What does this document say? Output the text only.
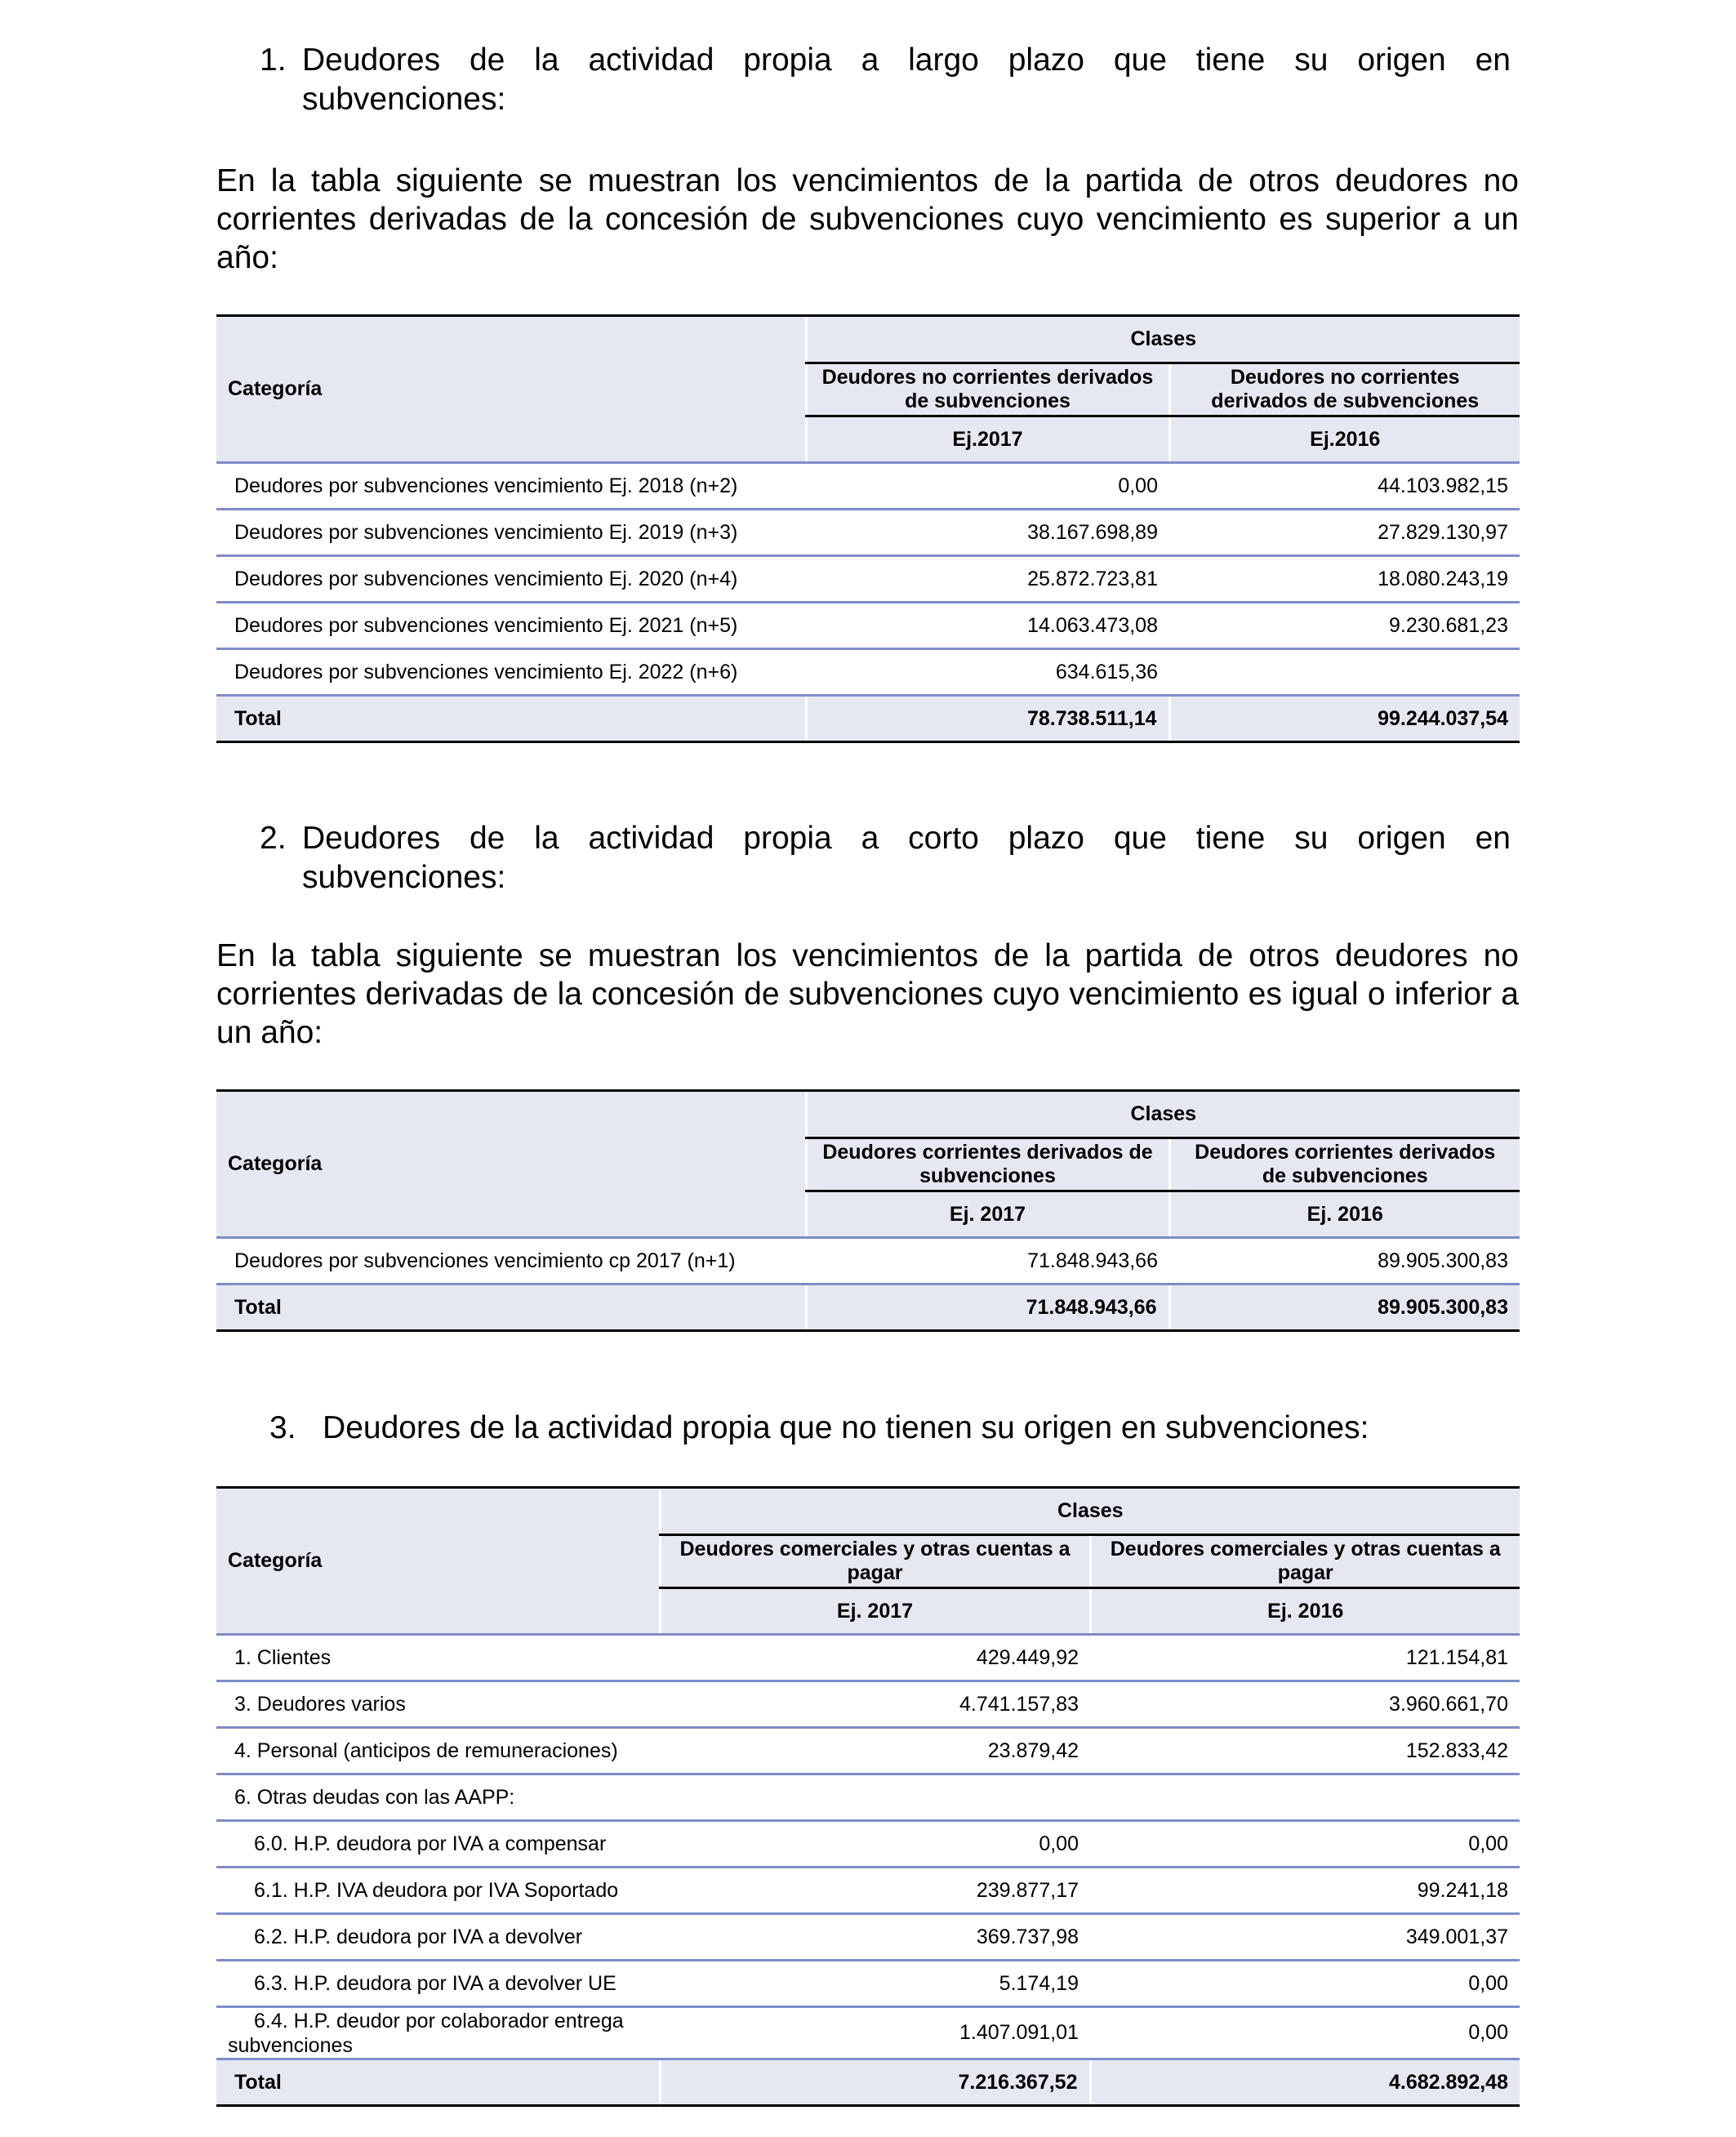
1. Deudores de la actividad propia a largo plazo que tiene su origen en
subvenciones:
En la tabla siguiente se muestran los vencimientos de la partida de otros deudores no corrientes derivadas de la concesión de subvenciones cuyo vencimiento es superior a un año:
Categoría	Clases	
	Deudores no corrientes derivados de subvenciones	Deudores no corrientes derivados de subvenciones
	Ej.2017	Ej.2016
Deudores por subvenciones vencimiento Ej. 2018 (n+2)	0,00	44.103.982,15
Deudores por subvenciones vencimiento Ej. 2019 (n+3)	38.167.698,89	27.829.130,97
Deudores por subvenciones vencimiento Ej. 2020 (n+4)	25.872.723,81	18.080.243,19
Deudores por subvenciones vencimiento Ej. 2021 (n+5)	14.063.473,08	9.230.681,23
Deudores por subvenciones vencimiento Ej. 2022 (n+6)	634.615,36	
Total	78.738.511,14	99.244.037,54
2. Deudores de la actividad propia a corto plazo que tiene su origen en
subvenciones:
En la tabla siguiente se muestran los vencimientos de la partida de otros deudores no corrientes derivadas de la concesión de subvenciones cuyo vencimiento es igual o inferior a un año:
Categoría	Clases	
	Deudores corrientes derivados de subvenciones	Deudores corrientes derivados de subvenciones
	Ej. 2017	Ej. 2016
Deudores por subvenciones vencimiento cp 2017 (n+1)	71.848.943,66	89.905.300,83
Total	71.848.943,66	89.905.300,83
3. Deudores de la actividad propia que no tienen su origen en subvenciones:
Categoría	Clases	
	Deudores comerciales y otras cuentas a pagar	Deudores comerciales y otras cuentas a pagar
	Ej. 2017	Ej. 2016
1. Clientes	429.449,92	121.154,81
3. Deudores varios	4.741.157,83	3.960.661,70
4. Personal (anticipos de remuneraciones)	23.879,42	152.833,42
6. Otras deudas con las AAPP:		
6.0. H.P. deudora por IVA a compensar	0,00	0,00
6.1. H.P. IVA deudora por IVA Soportado	239.877,17	99.241,18
6.2. H.P. deudora por IVA a devolver	369.737,98	349.001,37
6.3. H.P. deudora por IVA a devolver UE	5.174,19	0,00

6.4. H.P. deudor por colaborador entrega
subvenciones	1.407.091,01	0,00
Total	7.216.367,52	4.682.892,48
